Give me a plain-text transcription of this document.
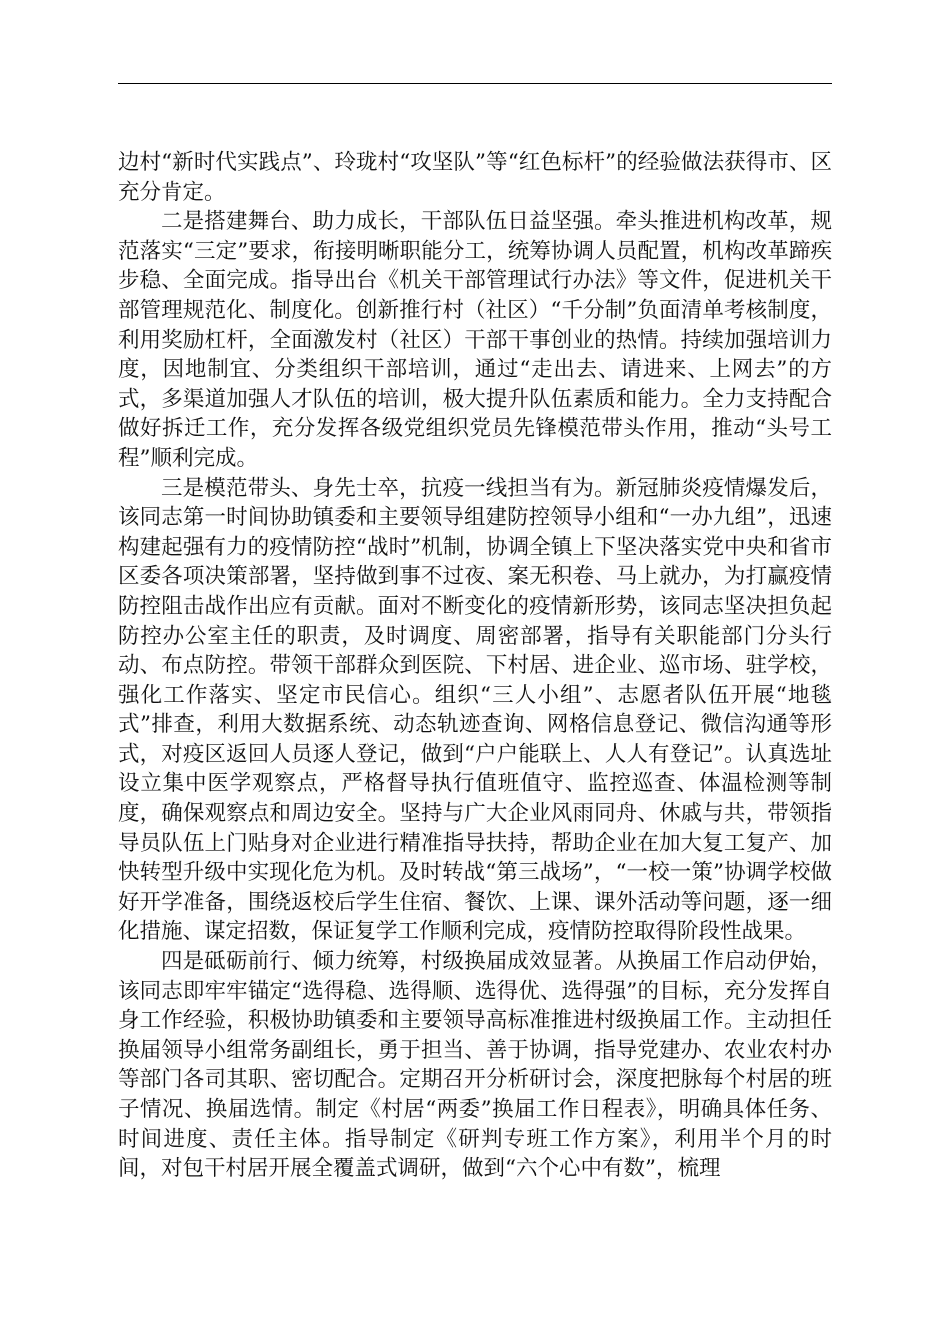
边村“新时代实践点”、玲珑村“攻坚队”等“红色标杆”的经验做法获得市、区充分肯定。

二是搭建舞台、助力成长，干部队伍日益坚强。牵头推进机构改革，规范落实“三定”要求，衔接明晰职能分工，统筹协调人员配置，机构改革蹄疾步稳、全面完成。指导出台《机关干部管理试行办法》等文件，促进机关干部管理规范化、制度化。创新推行村（社区）“千分制”负面清单考核制度，利用奖励杠杆，全面激发村（社区）干部干事创业的热情。持续加强培训力度，因地制宜、分类组织干部培训，通过“走出去、请进来、上网去”的方式，多渠道加强人才队伍的培训，极大提升队伍素质和能力。全力支持配合做好拆迁工作，充分发挥各级党组织党员先锋模范带头作用，推动“头号工程”顺利完成。

三是模范带头、身先士卒，抗疫一线担当有为。新冠肺炎疫情爆发后，该同志第一时间协助镇委和主要领导组建防控领导小组和“一办九组”，迅速构建起强有力的疫情防控“战时”机制，协调全镇上下坚决落实党中央和省市区委各项决策部署，坚持做到事不过夜、案无积卷、马上就办，为打赢疫情防控阻击战作出应有贡献。面对不断变化的疫情新形势，该同志坚决担负起防控办公室主任的职责，及时调度、周密部署，指导有关职能部门分头行动、布点防控。带领干部群众到医院、下村居、进企业、巡市场、驻学校，强化工作落实、坚定市民信心。组织“三人小组”、志愿者队伍开展“地毯式”排查，利用大数据系统、动态轨迹查询、网格信息登记、微信沟通等形式，对疫区返回人员逐人登记，做到“户户能联上、人人有登记”。认真选址设立集中医学观察点，严格督导执行值班值守、监控巡查、体温检测等制度，确保观察点和周边安全。坚持与广大企业风雨同舟、休戚与共，带领指导员队伍上门贴身对企业进行精准指导扶持，帮助企业在加大复工复产、加快转型升级中实现化危为机。及时转战“第三战场”，“一校一策”协调学校做好开学准备，围绕返校后学生住宿、餐饮、上课、课外活动等问题，逐一细化措施、谋定招数，保证复学工作顺利完成，疫情防控取得阶段性战果。

四是砥砺前行、倾力统筹，村级换届成效显著。从换届工作启动伊始，该同志即牢牢锚定“选得稳、选得顺、选得优、选得强”的目标，充分发挥自身工作经验，积极协助镇委和主要领导高标准推进村级换届工作。主动担任换届领导小组常务副组长，勇于担当、善于协调，指导党建办、农业农村办等部门各司其职、密切配合。定期召开分析研讨会，深度把脉每个村居的班子情况、换届选情。制定《村居“两委”换届工作日程表》，明确具体任务、时间进度、责任主体。指导制定《研判专班工作方案》，利用半个月的时间，对包干村居开展全覆盖式调研，做到“六个心中有数”，梳理
